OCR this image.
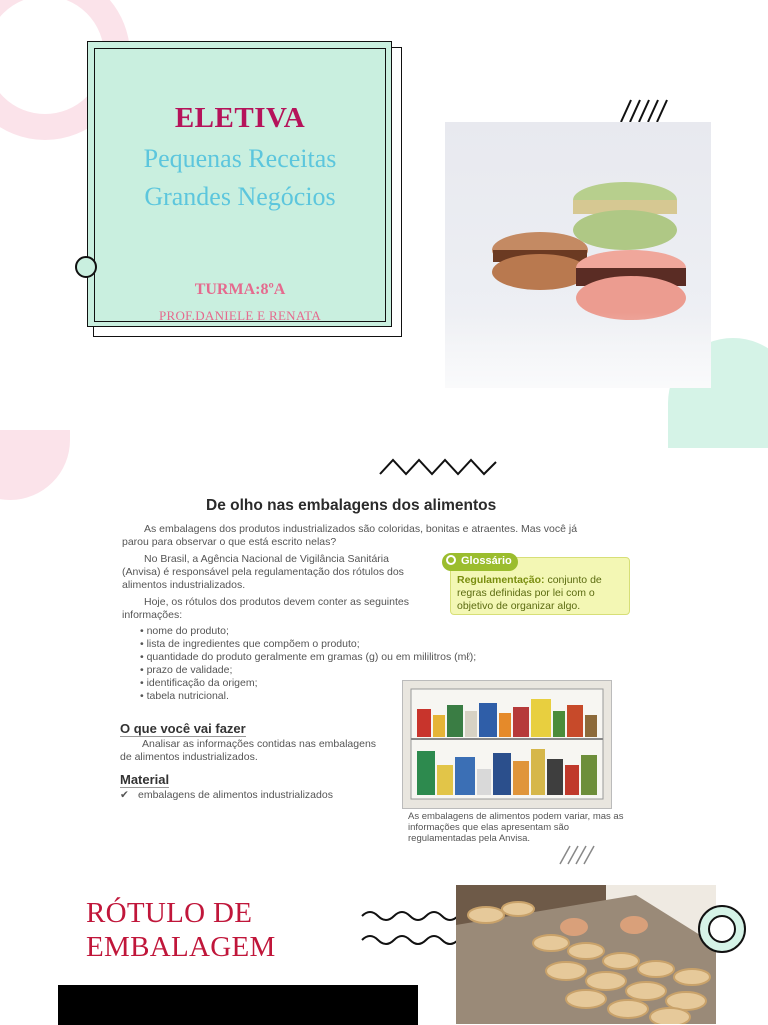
ELETIVA
Pequenas Receitas
Grandes Negócios
TURMA:8ºA
PROF.DANIELE E RENATA
De olho nas embalagens dos alimentos
As embalagens dos produtos industrializados são coloridas, bonitas e atraentes. Mas você já parou para observar o que está escrito nelas?
No Brasil, a Agência Nacional de Vigilância Sanitária (Anvisa) é responsável pela regulamentação dos rótulos dos alimentos industrializados.
Hoje, os rótulos dos produtos devem conter as seguintes informações:
Regulamentação: conjunto de regras definidas por lei com o objetivo de organizar algo.
Glossário
• nome do produto;
• lista de ingredientes que compõem o produto;
• quantidade do produto geralmente em gramas (g) ou em mililitros (mℓ);
• prazo de validade;
• identificação da origem;
• tabela nutricional.
O que você vai fazer
Analisar as informações contidas nas embalagens de alimentos industrializados.
Material
✔ embalagens de alimentos industrializados
As embalagens de alimentos podem variar, mas as informações que elas apresentam são regulamentadas pela Anvisa.
RÓTULO DE
EMBALAGEM
